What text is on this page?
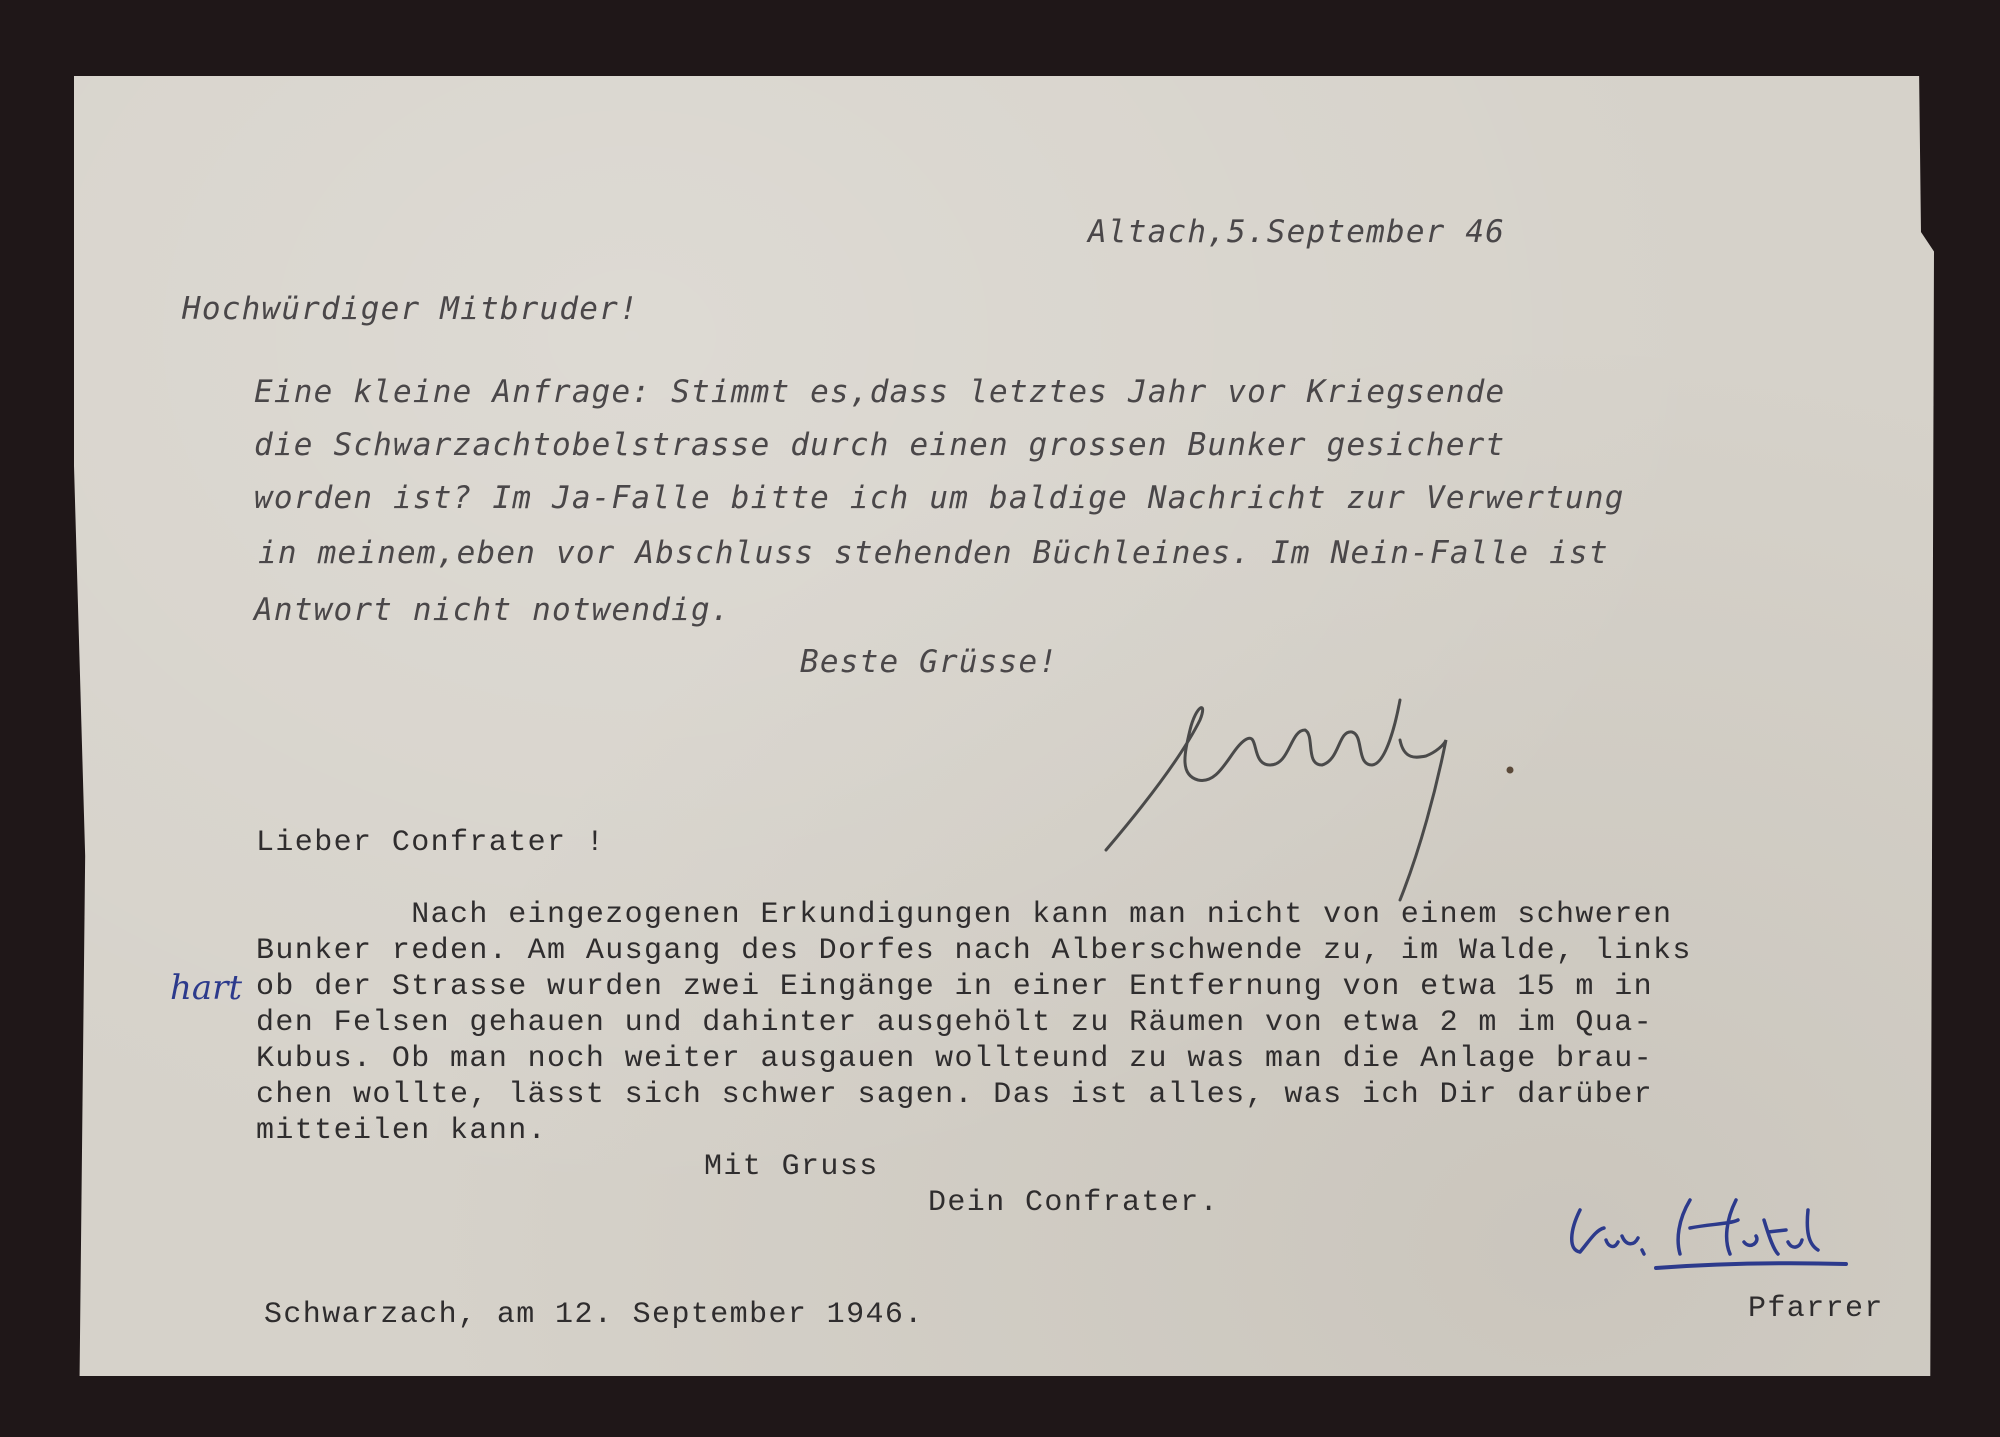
Altach,5.September 46
Hochwürdiger Mitbruder!
Eine kleine Anfrage: Stimmt es,dass letztes Jahr vor Kriegsende
die Schwarzachtobelstrasse durch einen grossen Bunker gesichert
worden ist? Im Ja-Falle bitte ich um baldige Nachricht zur Verwertung
in meinem,eben vor Abschluss stehenden Büchleines. Im Nein-Falle ist
Antwort nicht notwendig.
Beste Grüsse!
Lieber Confrater !
Nach eingezogenen Erkundigungen kann man nicht von einem schweren
Bunker reden. Am Ausgang des Dorfes nach Alberschwende zu, im Walde, links
ob der Strasse wurden zwei Eingänge in einer Entfernung von etwa 15 m in
den Felsen gehauen und dahinter ausgehölt zu Räumen von etwa 2 m im Qua-
Kubus. Ob man noch weiter ausgauen wollteund zu was man die Anlage brau-
chen wollte, lässt sich schwer sagen. Das ist alles, was ich Dir darüber
mitteilen kann.
Mit Gruss
Dein Confrater.
hart
Schwarzach, am 12. September 1946.	Pfarrer
